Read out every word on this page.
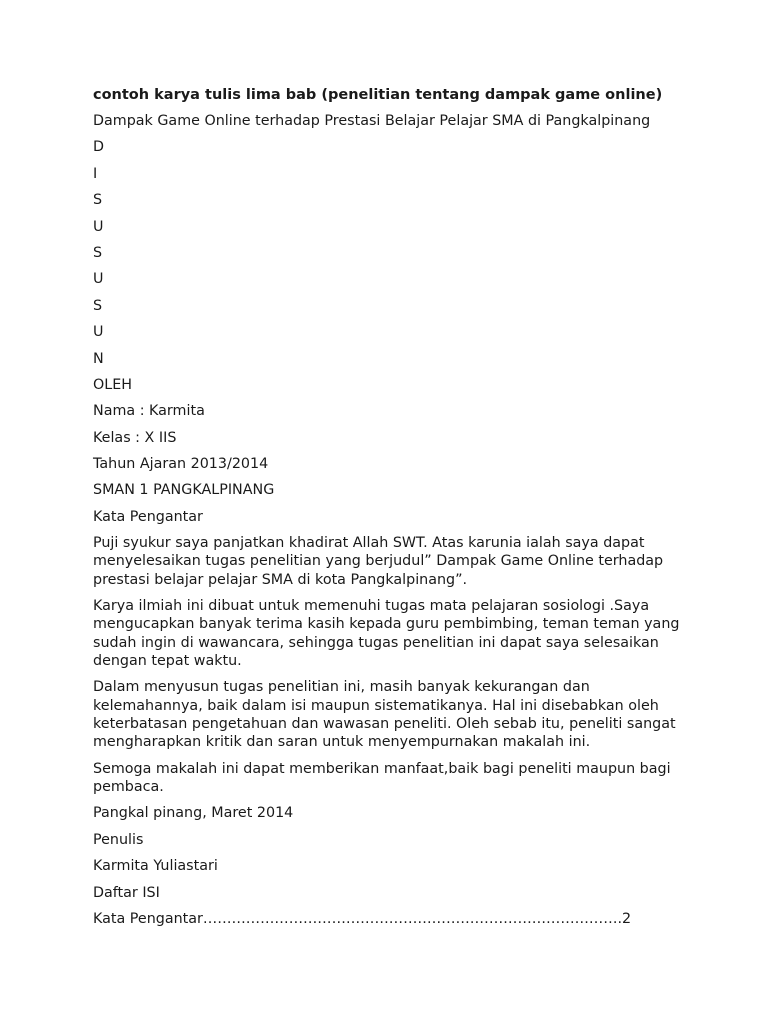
contoh karya tulis lima bab (penelitian tentang dampak game online)
Dampak Game Online terhadap Prestasi Belajar Pelajar SMA di Pangkalpinang
D
I
S
U
S
U
S
U
N
OLEH
Nama : Karmita
Kelas : X IIS
Tahun Ajaran 2013/2014
SMAN 1 PANGKALPINANG
Kata Pengantar
Puji syukur saya panjatkan khadirat Allah SWT. Atas karunia ialah saya dapat
menyelesaikan tugas penelitian yang berjudul” Dampak Game Online terhadap
prestasi belajar pelajar SMA di kota Pangkalpinang”.
Karya ilmiah ini dibuat untuk memenuhi tugas mata pelajaran sosiologi .Saya
mengucapkan banyak terima kasih kepada guru pembimbing, teman teman yang
sudah ingin di wawancara, sehingga tugas penelitian ini dapat saya selesaikan
dengan tepat waktu.
Dalam menyusun tugas penelitian ini, masih banyak kekurangan dan
kelemahannya, baik dalam isi maupun sistematikanya. Hal ini disebabkan oleh
keterbatasan pengetahuan dan wawasan peneliti. Oleh sebab itu, peneliti sangat
mengharapkan kritik dan saran untuk menyempurnakan makalah ini.
Semoga makalah ini dapat memberikan manfaat,baik bagi peneliti maupun bagi
pembaca.
Pangkal pinang, Maret 2014
Penulis
Karmita Yuliastari
Daftar ISI
Kata Pengantar…………………………………………………………………………….2
